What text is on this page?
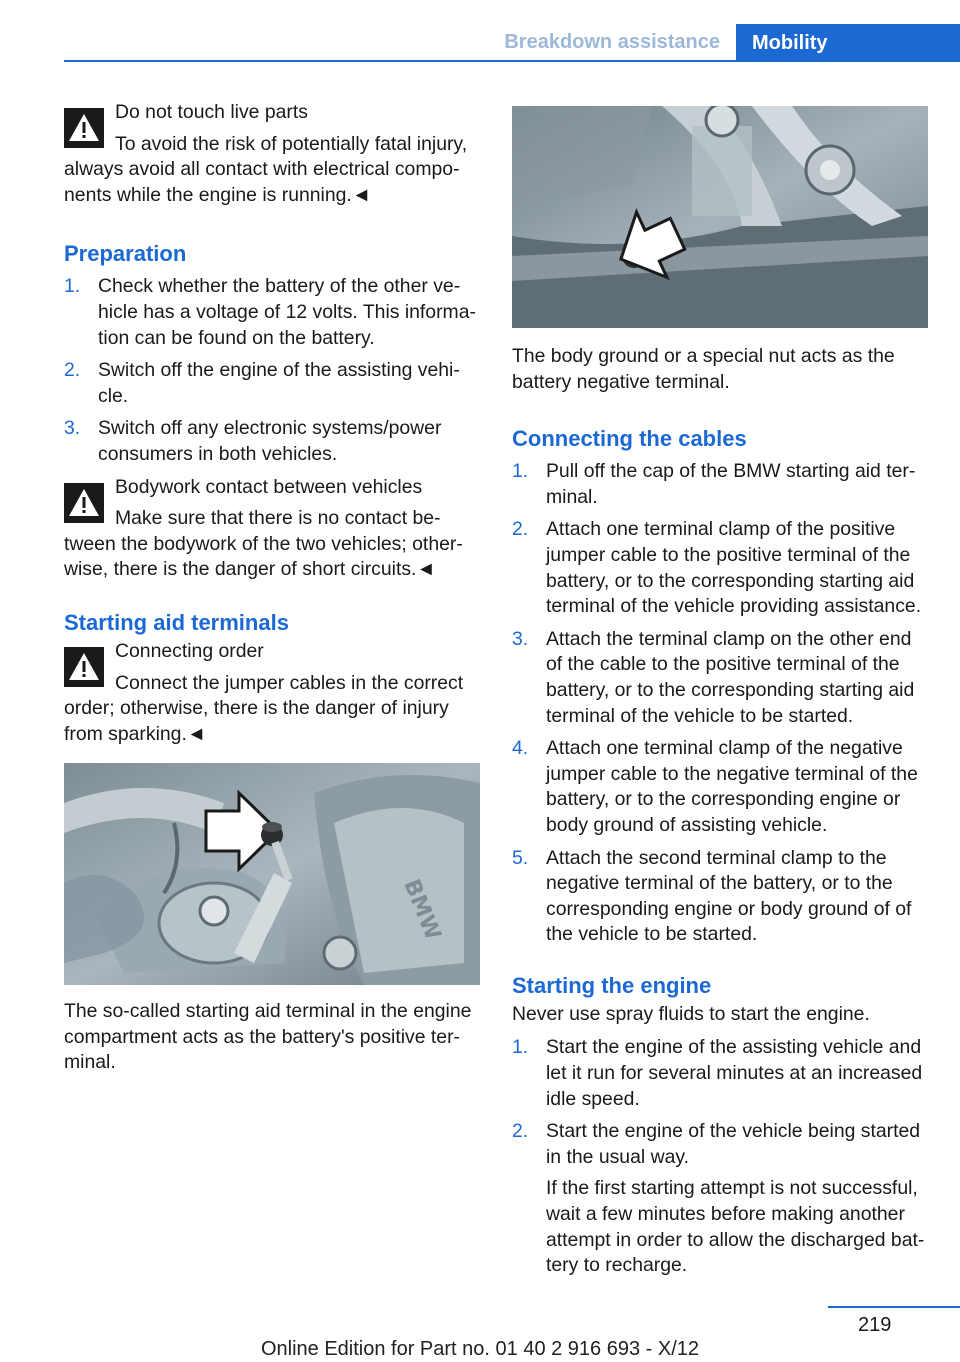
Breakdown assistance	Mobility
Do not touch live parts
To avoid the risk of potentially fatal injury, always avoid all contact with electrical components while the engine is running.◄
Preparation
1. Check whether the battery of the other vehicle has a voltage of 12 volts. This information can be found on the battery.
2. Switch off the engine of the assisting vehicle.
3. Switch off any electronic systems/power consumers in both vehicles.
Bodywork contact between vehicles
Make sure that there is no contact between the bodywork of the two vehicles; otherwise, there is the danger of short circuits.◄
Starting aid terminals
Connecting order
Connect the jumper cables in the correct order; otherwise, there is the danger of injury from sparking.◄
BMW

The so-called starting aid terminal in the engine compartment acts as the battery's positive terminal.

The body ground or a special nut acts as the battery negative terminal.

Connecting the cables
1. Pull off the cap of the BMW starting aid terminal.
2. Attach one terminal clamp of the positive jumper cable to the positive terminal of the battery, or to the corresponding starting aid terminal of the vehicle providing assistance.
3. Attach the terminal clamp on the other end of the cable to the positive terminal of the battery, or to the corresponding starting aid terminal of the vehicle to be started.
4. Attach one terminal clamp of the negative jumper cable to the negative terminal of the battery, or to the corresponding engine or body ground of assisting vehicle.
5. Attach the second terminal clamp to the negative terminal of the battery, or to the corresponding engine or body ground of of the vehicle to be started.
Starting the engine

Never use spray fluids to start the engine.

1. Start the engine of the assisting vehicle and let it run for several minutes at an increased idle speed.
2. Start the engine of the vehicle being started in the usual way.
If the first starting attempt is not successful, wait a few minutes before making another attempt in order to allow the discharged battery to recharge.
219
Online Edition for Part no. 01 40 2 916 693 - X/12
